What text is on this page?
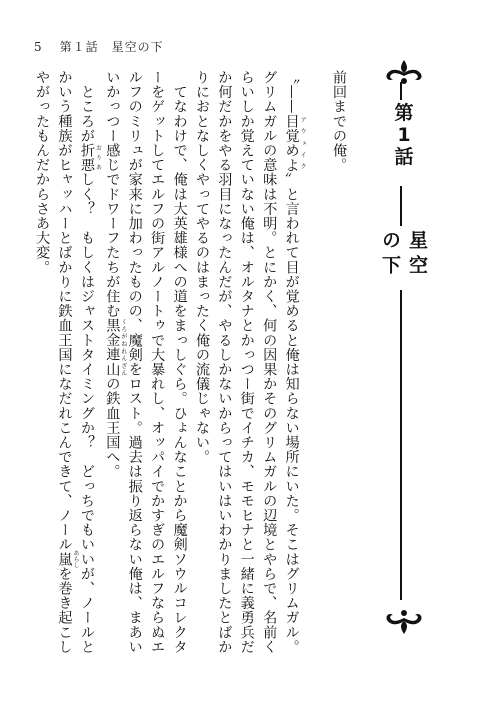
5 第１話　星空の下
第
1
話
星空の下

前回までの俺。

〝——目覚めよ アウェイク〟と言われて目が覚めると俺は知らない場所にいた。そこはグリムガル。グリムガルの意味は不明。とにかく、何の因果かそのグリムガルの辺境とやらで、名前くらいしか覚えていない俺は、オルタナとかっつー街でイチカ、モモヒナと一緒に義勇兵だか何だかをやる羽目になったんだが、やるしかないからってはいはいわかりましたとばかりにおとなしくやってやるのはまったく俺の流儀じゃない。

　てなわけで、俺は大英雄様への道をまっしぐら。ひょんなことから魔剣ソウルコレクターをゲットしてエルフの街アルノートゥで大暴れし、オッパイでかすぎのエルフならぬエルフのミリュが家来に加わったものの、魔剣をロスト。過去は振り返らない俺は、まあいいかっつー感じでドワーフたちが住む黒金連山 くろがねれんざんの鉄血王国へ。

　ところが折悪 おりあしく？　もしくはジャストタイミングか？　どっちでもいいが、ノールとかいう種族がヒャッハーとばかりに鉄血王国になだれこんできて、ノール嵐 あらしを巻き起こしやがったもんだからさあ大変。
